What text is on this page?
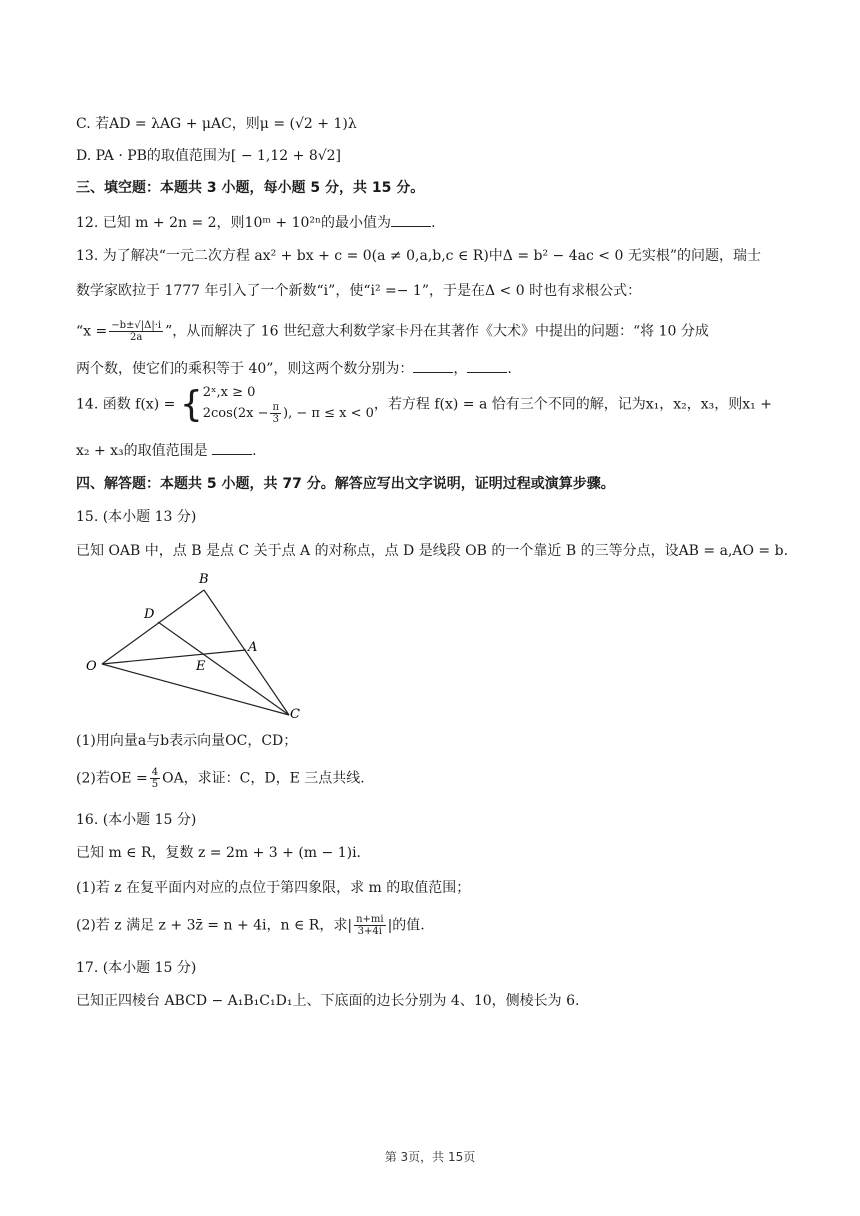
C. 若AD = λAG + μAC，则μ = (√2 + 1)λ
D. PA · PB的取值范围为[ − 1,12 + 8√2]
三、填空题：本题共 3 小题，每小题 5 分，共 15 分。
12. 已知 m + 2n = 2，则10ᵐ + 10²ⁿ的最小值为	.
13. 为了解决“一元二次方程 ax² + bx + c = 0(a ≠ 0,a,b,c ∈ R)中Δ = b² − 4ac < 0 无实根”的问题，瑞士
数学家欧拉于 1777 年引入了一个新数“i”，使“i² =− 1”，于是在Δ < 0 时也有求根公式：
“$x = \frac{-b\pm√|\Delta|\cdot i}{2a}$ ”，从而解决了 16 世纪意大利数学家卡丹在其著作《大术》中提出的问题：“将 10 分成
两个数，使它们的乘积等于 40”，则这两个数分别为：	，	.
14. 函数 f(x) = { 2ˣ,x ≥ 0
$2\cos(2x - \frac{\pi}{3}$ ), − π ≤ x < 0
，若方程 f(x) = a 恰有三个不同的解，记为x₁，x₂，x₃，则x₁ +
x₂ + x₃的取值范围是	.
四、解答题：本题共 5 小题，共 77 分。解答应写出文字说明，证明过程或演算步骤。
15. (本小题 13 分)
已知 OAB 中，点 B 是点 C 关于点 A 的对称点，点 D 是线段 OB 的一个靠近 B 的三等分点，设AB = a,AO = b.
B
D
A
O	E
C
(1)用向量a与b表示向量OC，CD；
(2)若OE = $\frac{4}{5}$ OA，求证：C，D，E 三点共线.
16. (本小题 15 分)
已知 m ∈ R，复数 z = 2m + 3 + (m − 1)i.
(1)若 z 在复平面内对应的点位于第四象限，求 m 的取值范围；
(2)若 z 满足 z + 3z̄ = n + 4i，n ∈ R，求| $\frac{n+mi}{3+4i}$ |的值.
17. (本小题 15 分)
已知正四棱台 ABCD − A₁B₁C₁D₁上、下底面的边长分别为 4、10，侧棱长为 6.
第 3页，共 15页
